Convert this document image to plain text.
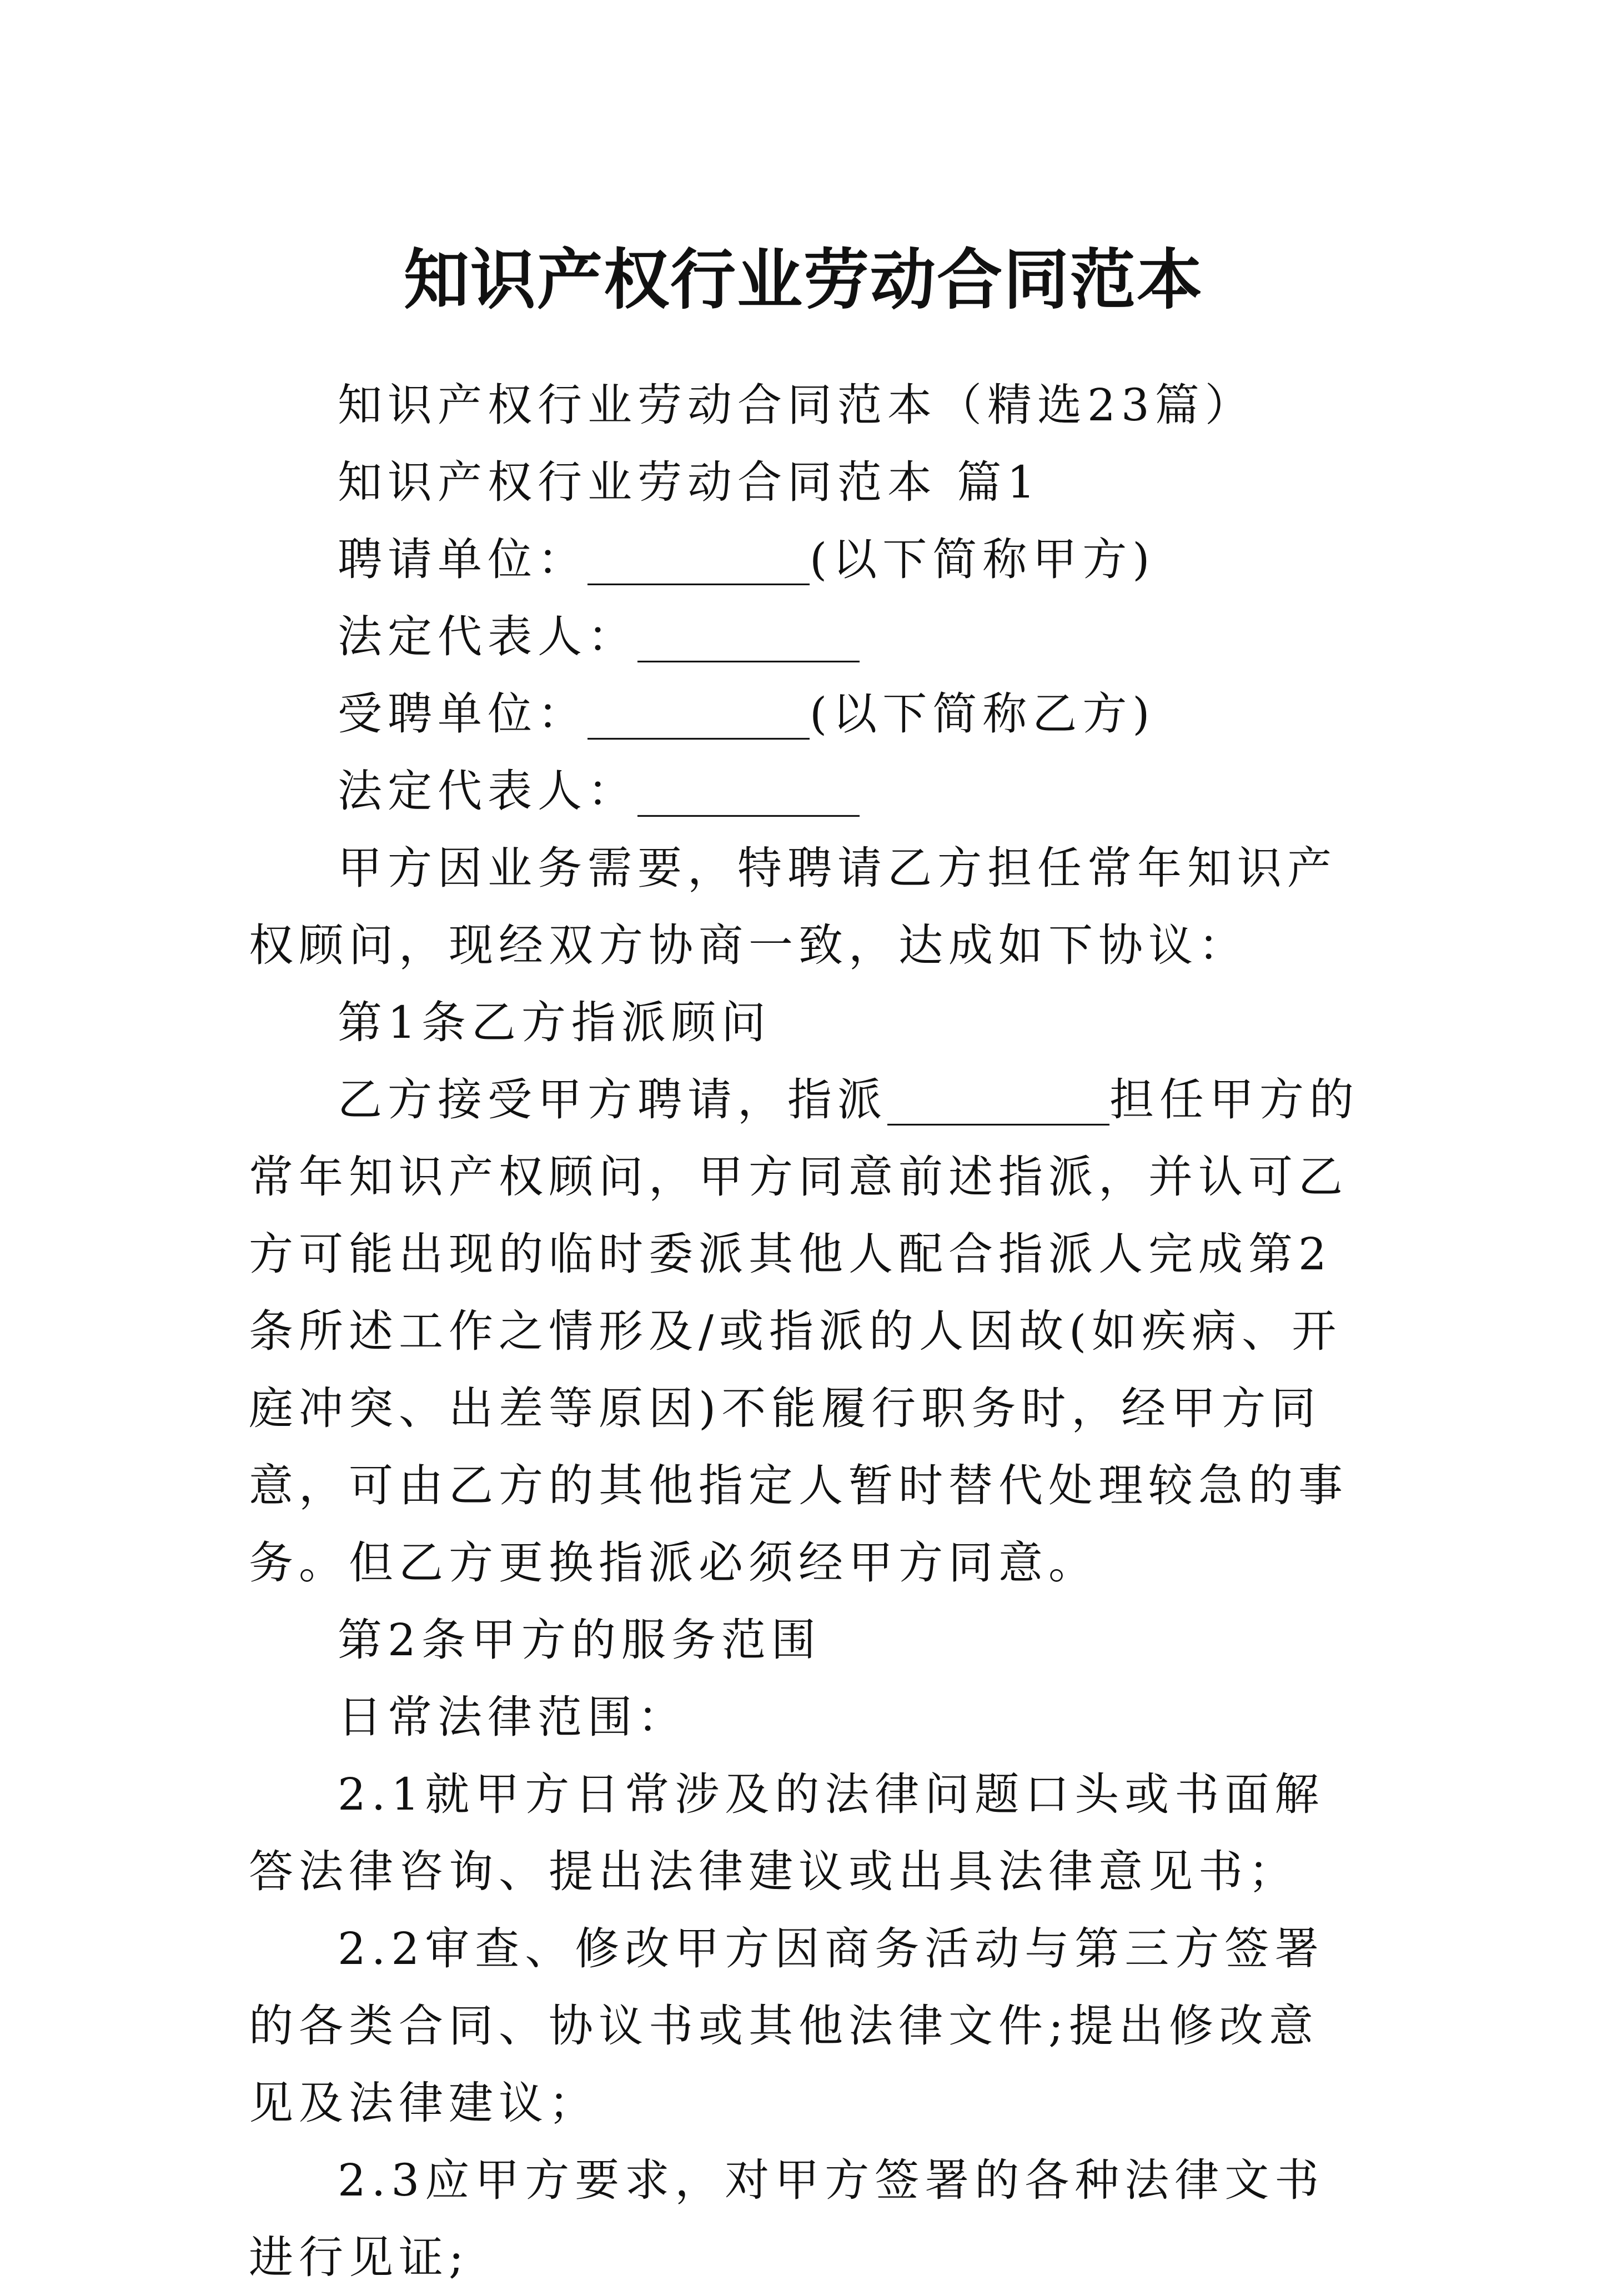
知识产权行业劳动合同范本

知识产权行业劳动合同范本（精选23篇）

知识产权行业劳动合同范本 篇1

聘请单位：__________(以下简称甲方)

法定代表人：__________

受聘单位：__________(以下简称乙方)

法定代表人：__________

甲方因业务需要，特聘请乙方担任常年知识产权顾问，现经双方协商一致，达成如下协议：

第1条乙方指派顾问

乙方接受甲方聘请，指派__________担任甲方的常年知识产权顾问，甲方同意前述指派，并认可乙方可能出现的临时委派其他人配合指派人完成第2条所述工作之情形及/或指派的人因故(如疾病、开庭冲突、出差等原因)不能履行职务时，经甲方同意，可由乙方的其他指定人暂时替代处理较急的事务。但乙方更换指派必须经甲方同意。

第2条甲方的服务范围

日常法律范围：

2.1就甲方日常涉及的法律问题口头或书面解答法律咨询、提出法律建议或出具法律意见书；

2.2审查、修改甲方因商务活动与第三方签署的各类合同、协议书或其他法律文件;提出修改意见及法律建议；

2.3应甲方要求，对甲方签署的各种法律文书进行见证;
